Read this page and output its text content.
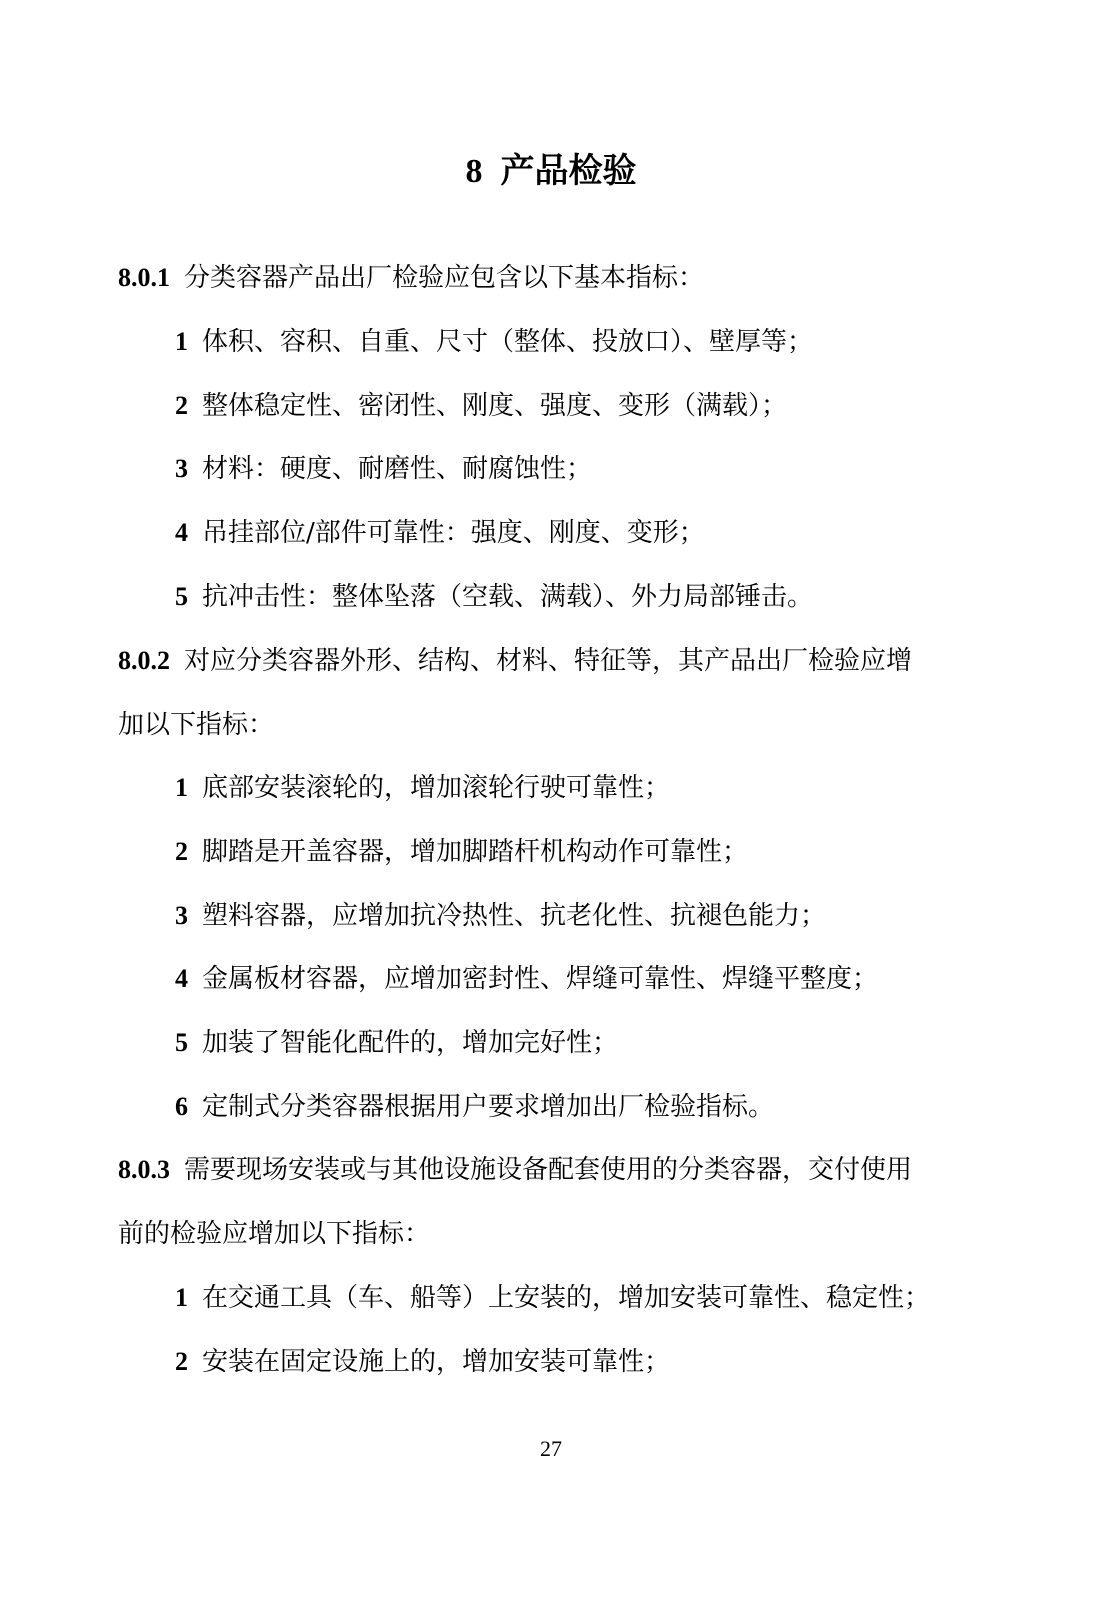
8 产品检验
8.0.1 分类容器产品出厂检验应包含以下基本指标：
1 体积、容积、自重、尺寸（整体、投放口）、壁厚等；
2 整体稳定性、密闭性、刚度、强度、变形（满载）；
3 材料：硬度、耐磨性、耐腐蚀性；
4 吊挂部位/部件可靠性：强度、刚度、变形；
5 抗冲击性：整体坠落（空载、满载）、外力局部锤击。
8.0.2 对应分类容器外形、结构、材料、特征等，其产品出厂检验应增
加以下指标：
1 底部安装滚轮的，增加滚轮行驶可靠性；
2 脚踏是开盖容器，增加脚踏杆机构动作可靠性；
3 塑料容器，应增加抗冷热性、抗老化性、抗褪色能力；
4 金属板材容器，应增加密封性、焊缝可靠性、焊缝平整度；
5 加装了智能化配件的，增加完好性；
6 定制式分类容器根据用户要求增加出厂检验指标。
8.0.3 需要现场安装或与其他设施设备配套使用的分类容器，交付使用
前的检验应增加以下指标：
1 在交通工具（车、船等）上安装的，增加安装可靠性、稳定性；
2 安装在固定设施上的，增加安装可靠性；
27
